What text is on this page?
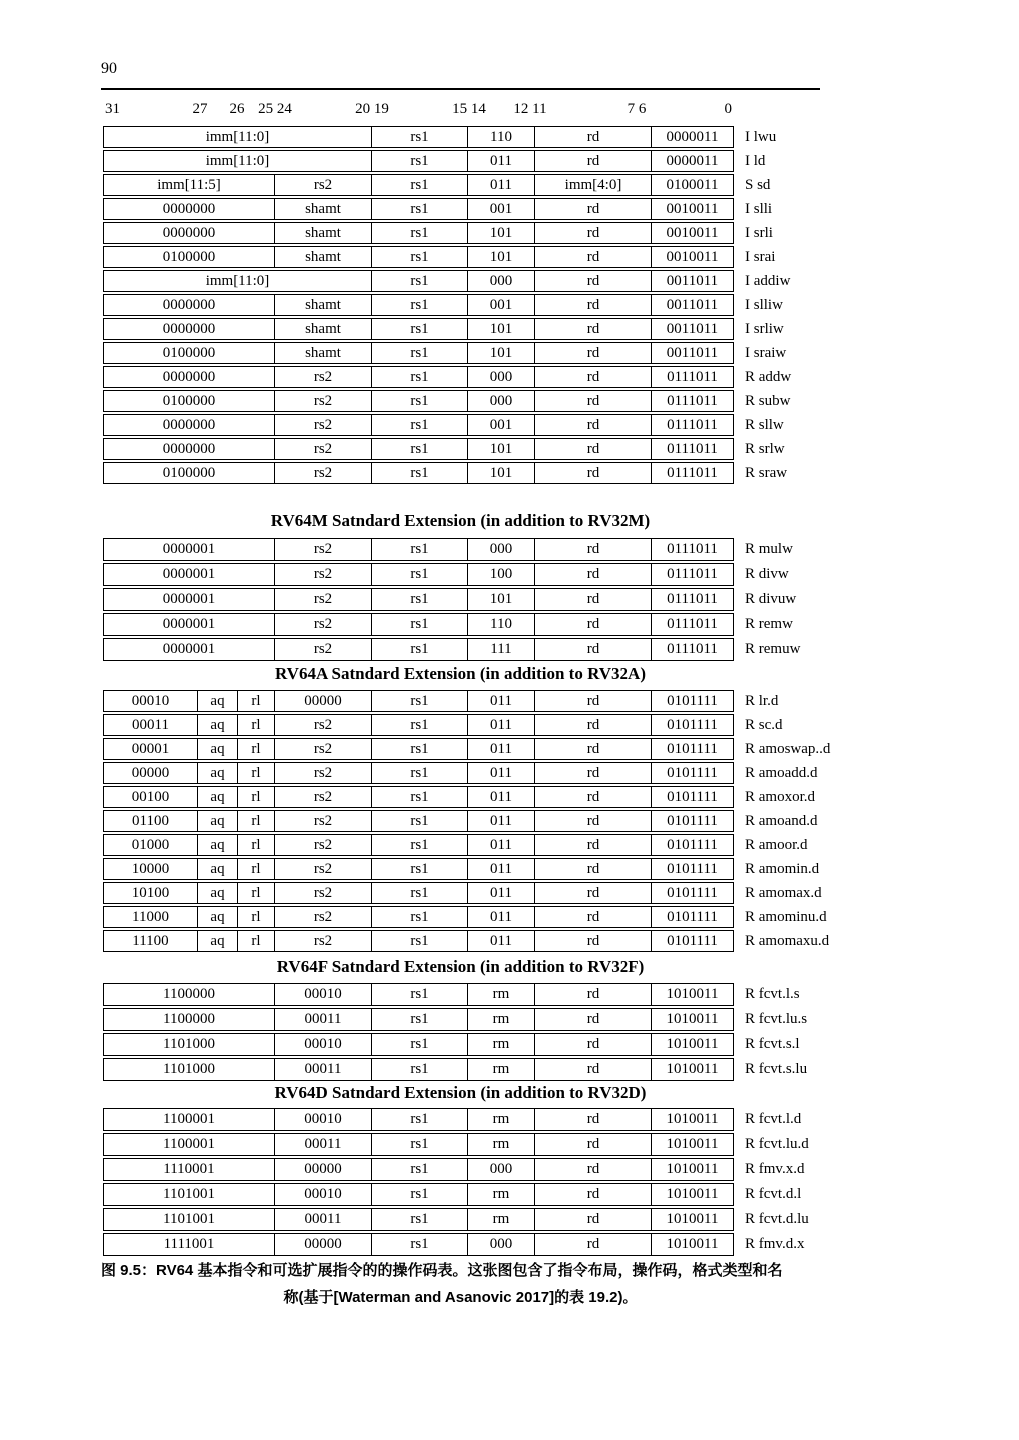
90
31	27 26 25 24	20 19	15 14 12 11	7 6	0
imm[11:0]	rs1	110	rd	0000011	I lwu
imm[11:0]	rs1	011	rd	0000011	I ld
imm[11:5]	rs2	rs1	011	imm[4:0]	0100011	S sd
0000000	shamt	rs1	001	rd	0010011	I slli
0000000	shamt	rs1	101	rd	0010011	I srli
0100000	shamt	rs1	101	rd	0010011	I srai
imm[11:0]	rs1	000	rd	0011011	I addiw
0000000	shamt	rs1	001	rd	0011011	I slliw
0000000	shamt	rs1	101	rd	0011011	I srliw
0100000	shamt	rs1	101	rd	0011011	I sraiw
0000000	rs2	rs1	000	rd	0111011	R addw
0100000	rs2	rs1	000	rd	0111011	R subw
0000000	rs2	rs1	001	rd	0111011	R sllw
0000000	rs2	rs1	101	rd	0111011	R srlw
0100000	rs2	rs1	101	rd	0111011	R sraw
RV64M Satndard Extension (in addition to RV32M)
0000001	rs2	rs1	000	rd	0111011	R mulw
0000001	rs2	rs1	100	rd	0111011	R divw
0000001	rs2	rs1	101	rd	0111011	R divuw
0000001	rs2	rs1	110	rd	0111011	R remw
0000001	rs2	rs1	111	rd	0111011	R remuw
RV64A Satndard Extension (in addition to RV32A)
00010	aq	rl	00000	rs1	011	rd	0101111	R lr.d
00011	aq	rl	rs2	rs1	011	rd	0101111	R sc.d
00001	aq	rl	rs2	rs1	011	rd	0101111	R amoswap..d
00000	aq	rl	rs2	rs1	011	rd	0101111	R amoadd.d
00100	aq	rl	rs2	rs1	011	rd	0101111	R amoxor.d
01100	aq	rl	rs2	rs1	011	rd	0101111	R amoand.d
01000	aq	rl	rs2	rs1	011	rd	0101111	R amoor.d
10000	aq	rl	rs2	rs1	011	rd	0101111	R amomin.d
10100	aq	rl	rs2	rs1	011	rd	0101111	R amomax.d
11000	aq	rl	rs2	rs1	011	rd	0101111	R amominu.d
11100	aq	rl	rs2	rs1	011	rd	0101111	R amomaxu.d
RV64F Satndard Extension (in addition to RV32F)
1100000	00010	rs1	rm	rd	1010011	R fcvt.l.s
1100000	00011	rs1	rm	rd	1010011	R fcvt.lu.s
1101000	00010	rs1	rm	rd	1010011	R fcvt.s.l
1101000	00011	rs1	rm	rd	1010011	R fcvt.s.lu
RV64D Satndard Extension (in addition to RV32D)
1100001	00010	rs1	rm	rd	1010011	R fcvt.l.d
1100001	00011	rs1	rm	rd	1010011	R fcvt.lu.d
1110001	00000	rs1	000	rd	1010011	R fmv.x.d
1101001	00010	rs1	rm	rd	1010011	R fcvt.d.l
1101001	00011	rs1	rm	rd	1010011	R fcvt.d.lu
1111001	00000	rs1	000	rd	1010011	R fmv.d.x
图 9.5：RV64 基本指令和可选扩展指令的的操作码表。这张图包含了指令布局，操作码，格式类型和名
称(基于[Waterman and Asanovic 2017]的表 19.2)。
